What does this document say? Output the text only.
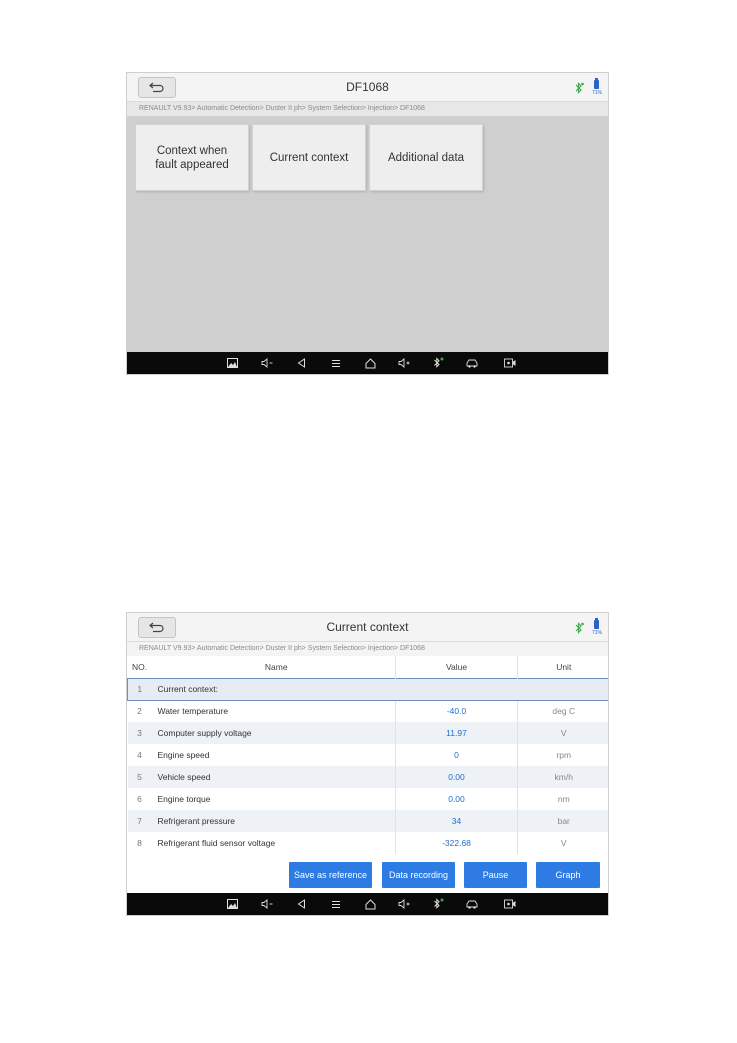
DF1068	71%
RENAULT V9.93> Automatic Detection> Duster II ph> System Selection> Injection> DF1068
Context when
fault appeared
Current context	Additional data
Current context	71%
RENAULT V9.93> Automatic Detection> Duster II ph> System Selection> Injection> DF1068
NO.	Name	Value	Unit
1	Current context:		
2	Water temperature	-40.0	deg C
3	Computer supply voltage	11.97	V
4	Engine speed	0	rpm
5	Vehicle speed	0.00	km/h
6	Engine torque	0.00	nm
7	Refrigerant pressure	34	bar
8	Refrigerant fluid sensor voltage	-322.68	V
Save as reference	Data recording	Pause	Graph
